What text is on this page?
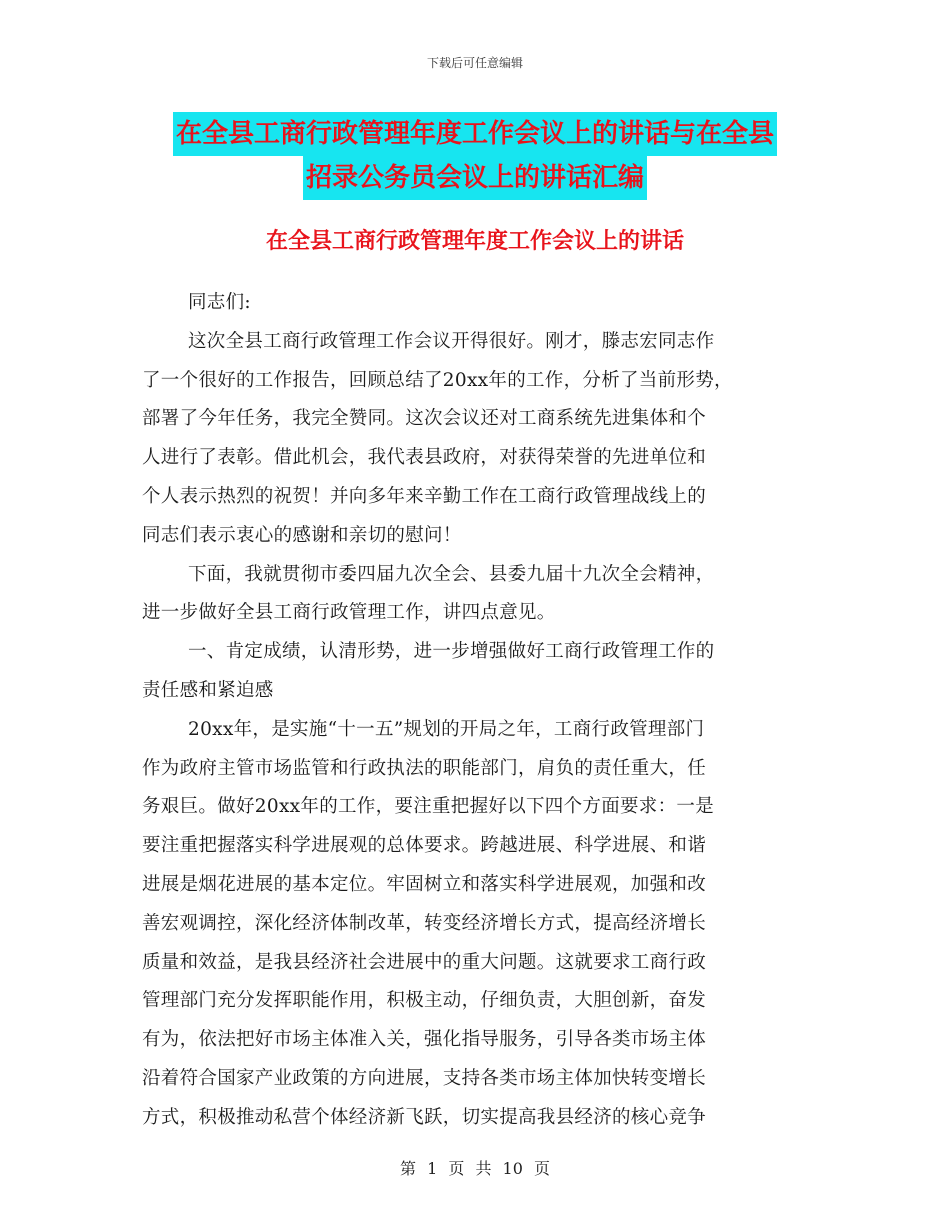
下载后可任意编辑
在全县工商行政管理年度工作会议上的讲话与在全县
招录公务员会议上的讲话汇编
在全县工商行政管理年度工作会议上的讲话

同志们:

这次全县工商行政管理工作会议开得很好。刚才，滕志宏同志作
了一个很好的工作报告，回顾总结了20xx年的工作，分析了当前形势，
部署了今年任务，我完全赞同。这次会议还对工商系统先进集体和个
人进行了表彰。借此机会，我代表县政府，对获得荣誉的先进单位和
个人表示热烈的祝贺！并向多年来辛勤工作在工商行政管理战线上的
同志们表示衷心的感谢和亲切的慰问！

下面，我就贯彻市委四届九次全会、县委九届十九次全会精神，
进一步做好全县工商行政管理工作，讲四点意见。

一、肯定成绩，认清形势，进一步增强做好工商行政管理工作的
责任感和紧迫感

20xx年，是实施“十一五”规划的开局之年，工商行政管理部门
作为政府主管市场监管和行政执法的职能部门，肩负的责任重大，任
务艰巨。做好20xx年的工作，要注重把握好以下四个方面要求：一是
要注重把握落实科学进展观的总体要求。跨越进展、科学进展、和谐
进展是烟花进展的基本定位。牢固树立和落实科学进展观，加强和改
善宏观调控，深化经济体制改革，转变经济增长方式，提高经济增长
质量和效益，是我县经济社会进展中的重大问题。这就要求工商行政
管理部门充分发挥职能作用，积极主动，仔细负责，大胆创新，奋发
有为，依法把好市场主体准入关，强化指导服务，引导各类市场主体
沿着符合国家产业政策的方向进展，支持各类市场主体加快转变增长
方式，积极推动私营个体经济新飞跃，切实提高我县经济的核心竞争

第 1 页 共 10 页
